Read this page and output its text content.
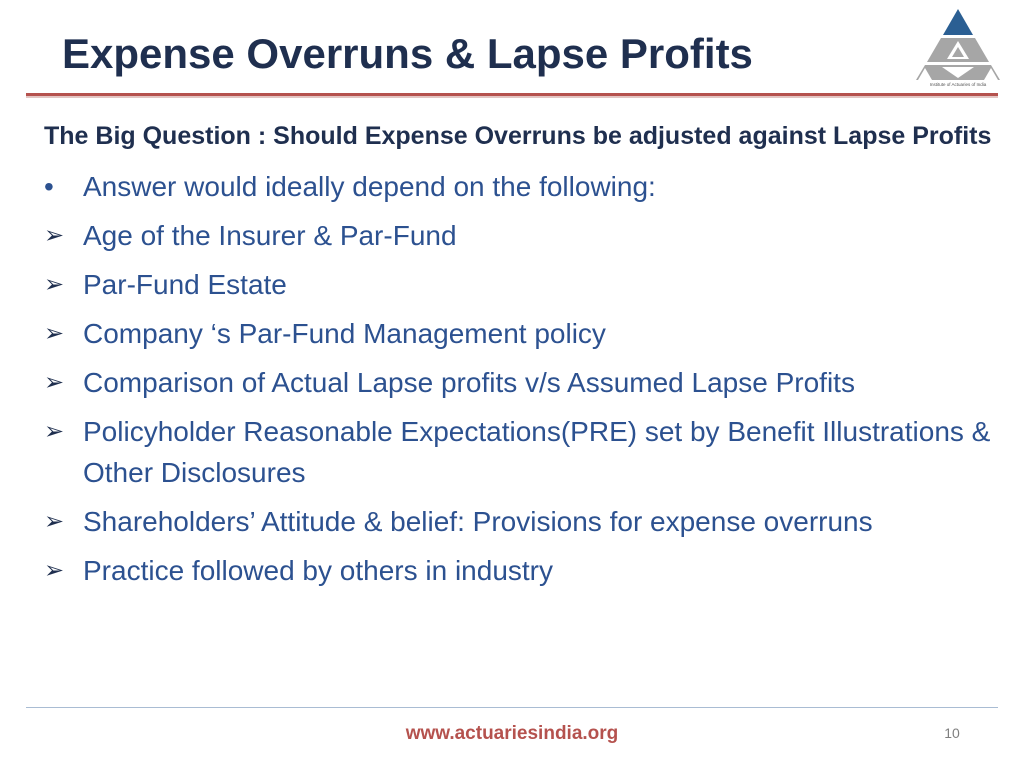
Expense Overruns & Lapse Profits
Institute of Actuaries of India

The Big Question : Should Expense Overruns be adjusted against Lapse Profits

•	Answer would ideally depend on the following:
➢ Age of the Insurer & Par-Fund
➢ Par-Fund Estate
➢ Company ‘s Par-Fund Management policy
➢ Comparison of Actual Lapse profits v/s Assumed Lapse Profits
➢ Policyholder Reasonable Expectations(PRE) set by Benefit Illustrations & Other Disclosures
➢ Shareholders’ Attitude & belief: Provisions for expense overruns
➢ Practice followed by others in industry
www.actuariesindia.org	10
